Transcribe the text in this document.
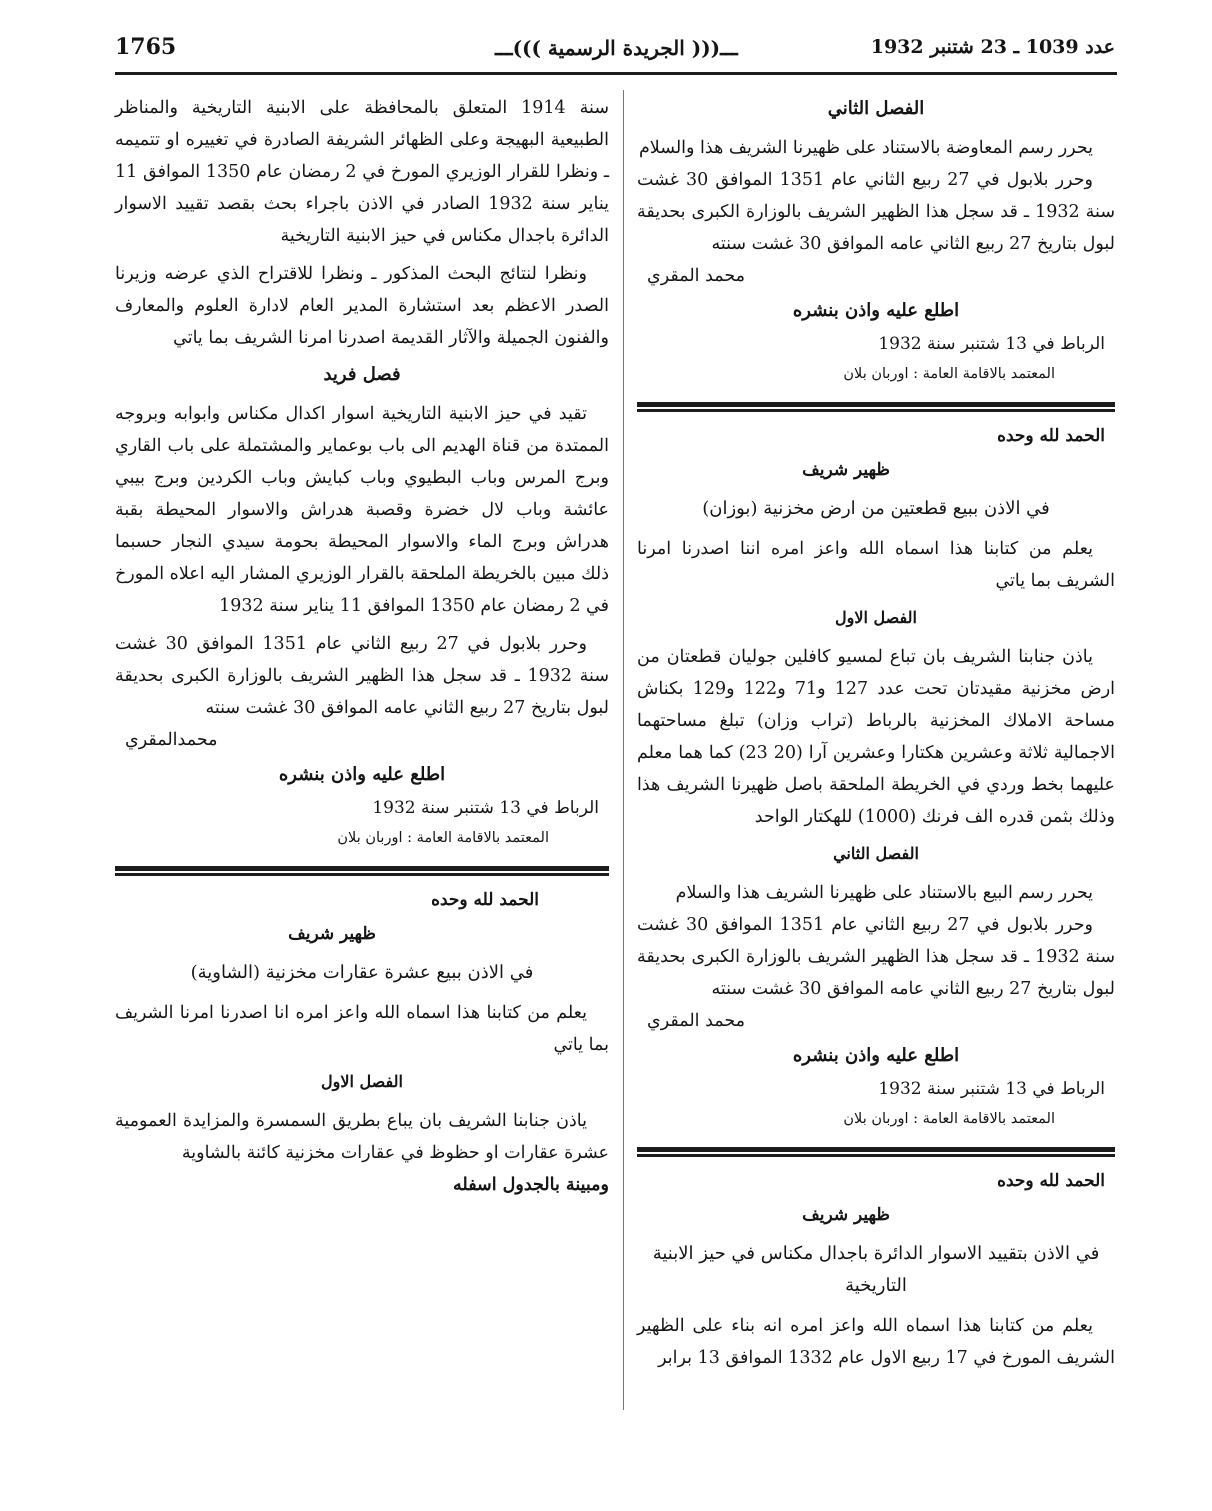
عدد 1039 ـ 23 شتنبر 1932
ـــ((( الجريدة الرسمية )))ـــ
1765
الفصل الثاني

يحرر رسم المعاوضة بالاستناد على ظهيرنا الشريف هذا والسلام

وحرر بلابول في 27 ربيع الثاني عام 1351 الموافق 30 غشت سنة 1932 ـ قد سجل هذا الظهير الشريف بالوزارة الكبرى بحديقة لبول بتاريخ 27 ربيع الثاني عامه الموافق 30 غشت سنته

محمد المقري
اطلع عليه واذن بنشره
الرباط في 13 شتنبر سنة 1932
المعتمد بالاقامة العامة : اوربان بلان
الحمد لله وحده
ظهير شريف
في الاذن ببيع قطعتين من ارض مخزنية (بوزان)

يعلم من كتابنا هذا اسماه الله واعز امره اننا اصدرنا امرنا الشريف بما ياتي

الفصل الاول

ياذن جنابنا الشريف بان تباع لمسيو كافلين جوليان قطعتان من ارض مخزنية مقيدتان تحت عدد 127 و71 و122 و129 بكناش مساحة الاملاك المخزنية بالرباط (تراب وزان) تبلغ مساحتهما الاجمالية ثلاثة وعشرين هكتارا وعشرين آرا (20 23) كما هما معلم عليهما بخط وردي في الخريطة الملحقة باصل ظهيرنا الشريف هذا وذلك بثمن قدره الف فرنك (1000) للهكتار الواحد

الفصل الثاني

يحرر رسم البيع بالاستناد على ظهيرنا الشريف هذا والسلام

وحرر بلابول في 27 ربيع الثاني عام 1351 الموافق 30 غشت سنة 1932 ـ قد سجل هذا الظهير الشريف بالوزارة الكبرى بحديقة لبول بتاريخ 27 ربيع الثاني عامه الموافق 30 غشت سنته

محمد المقري
اطلع عليه واذن بنشره
الرباط في 13 شتنبر سنة 1932
المعتمد بالاقامة العامة : اوربان بلان
الحمد لله وحده
ظهير شريف
في الاذن بتقييد الاسوار الدائرة باجدال مكناس في حيز الابنية التاريخية

يعلم من كتابنا هذا اسماه الله واعز امره انه بناء على الظهير الشريف المورخ في 17 ربيع الاول عام 1332 الموافق 13 برابر

سنة 1914 المتعلق بالمحافظة على الابنية التاريخية والمناظر الطبيعية البهيجة وعلى الظهائر الشريفة الصادرة في تغييره او تتميمه ـ ونظرا للقرار الوزيري المورخ في 2 رمضان عام 1350 الموافق 11 يناير سنة 1932 الصادر في الاذن باجراء بحث بقصد تقييد الاسوار الدائرة باجدال مكناس في حيز الابنية التاريخية

ونظرا لنتائج البحث المذكور ـ ونظرا للاقتراح الذي عرضه وزيرنا الصدر الاعظم بعد استشارة المدير العام لادارة العلوم والمعارف والفنون الجميلة والآثار القديمة اصدرنا امرنا الشريف بما ياتي

فصل فريد

تقيد في حيز الابنية التاريخية اسوار اكدال مكناس وابوابه وبروجه الممتدة من قناة الهديم الى باب بوعماير والمشتملة على باب القاري وبرج المرس وباب البطيوي وباب كبايش وباب الكردين وبرج بيبي عائشة وباب لال خضرة وقصبة هدراش والاسوار المحيطة بقبة هدراش وبرج الماء والاسوار المحيطة بحومة سيدي النجار حسبما ذلك مبين بالخريطة الملحقة بالقرار الوزيري المشار اليه اعلاه المورخ في 2 رمضان عام 1350 الموافق 11 يناير سنة 1932

وحرر بلابول في 27 ربيع الثاني عام 1351 الموافق 30 غشت سنة 1932 ـ قد سجل هذا الظهير الشريف بالوزارة الكبرى بحديقة لبول بتاريخ 27 ربيع الثاني عامه الموافق 30 غشت سنته

محمدالمقري
اطلع عليه واذن بنشره
الرباط في 13 شتنبر سنة 1932
المعتمد بالاقامة العامة : اوربان بلان
الحمد لله وحده
ظهير شريف
في الاذن ببيع عشرة عقارات مخزنية (الشاوية)

يعلم من كتابنا هذا اسماه الله واعز امره انا اصدرنا امرنا الشريف بما ياتي

الفصل الاول

ياذن جنابنا الشريف بان يباع بطريق السمسرة والمزايدة العمومية عشرة عقارات او حظوظ في عقارات مخزنية كائنة بالشاوية

ومبينة بالجدول اسفله
